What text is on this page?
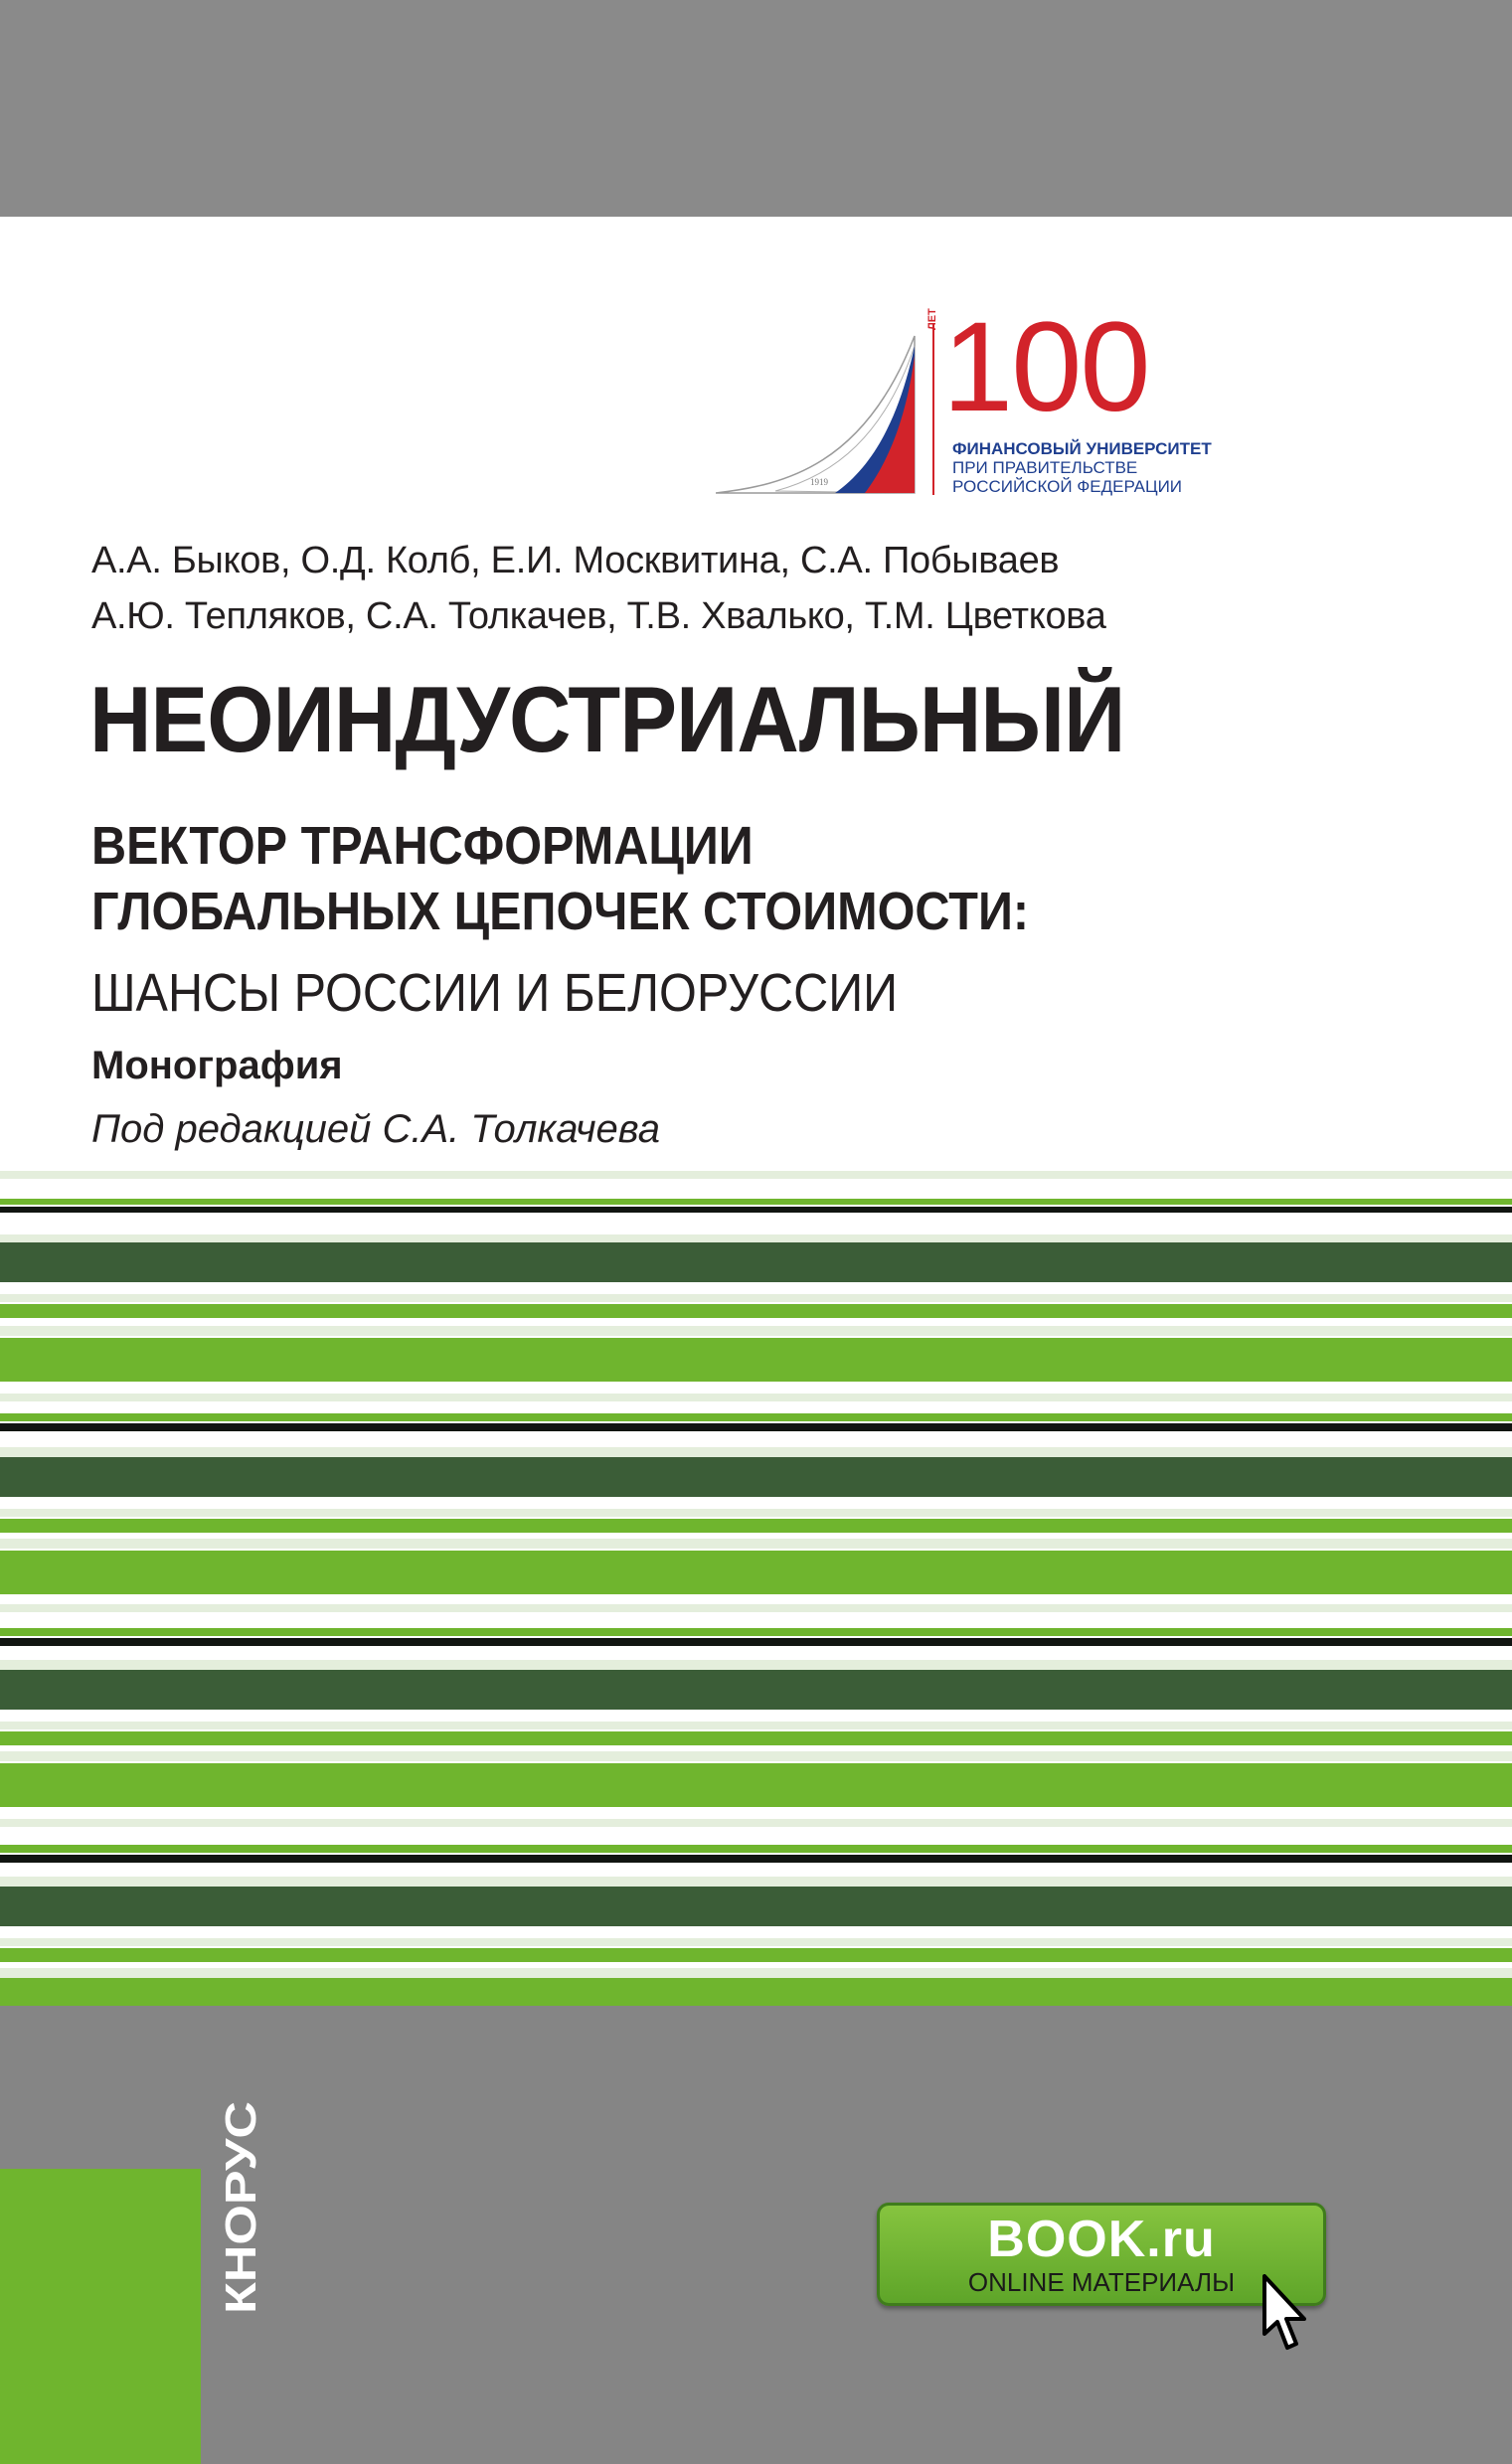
ЛЕТ 100
1919
ФИНАНСОВЫЙ УНИВЕРСИТЕТ
ПРИ ПРАВИТЕЛЬСТВЕ
РОССИЙСКОЙ ФЕДЕРАЦИИ
А.А. Быков, О.Д. Колб, Е.И. Москвитина, С.А. Побываев
А.Ю. Тепляков, С.А. Толкачев, Т.В. Хвалько, Т.М. Цветкова
НЕОИНДУСТРИАЛЬНЫЙ
ВЕКТОР ТРАНСФОРМАЦИИ
ГЛОБАЛЬНЫХ ЦЕПОЧЕК СТОИМОСТИ:
ШАНСЫ РОССИИ И БЕЛОРУССИИ
Монография
Под редакцией С.А. Толкачева
КНОРУС	BOOK.ru
ONLINE МАТЕРИАЛЫ
